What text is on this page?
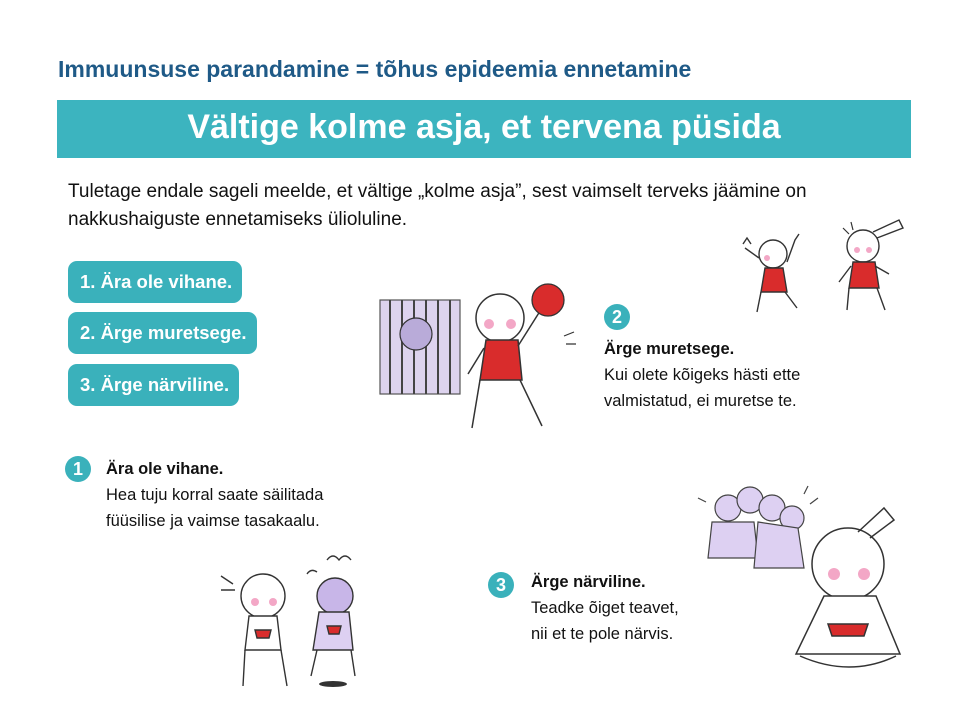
Immuunsuse parandamine = tõhus epideemia ennetamine
Vältige kolme asja, et tervena püsida
Tuletage endale sageli meelde, et vältige „kolme asja”, sest vaimselt terveks jäämine on nakkushaiguste ennetamiseks ülioluline.
1. Ära ole vihane.
2. Ärge muretsege.
3. Ärge närviline.
1	Ära ole vihane.
Hea tuju korral saate säilitada
füüsilise ja vaimse tasakaalu.
2
Ärge muretsege.
Kui olete kõigeks hästi ette
valmistatud, ei muretse te.
3	Ärge närviline.
Teadke õiget teavet,
nii et te pole närvis.
